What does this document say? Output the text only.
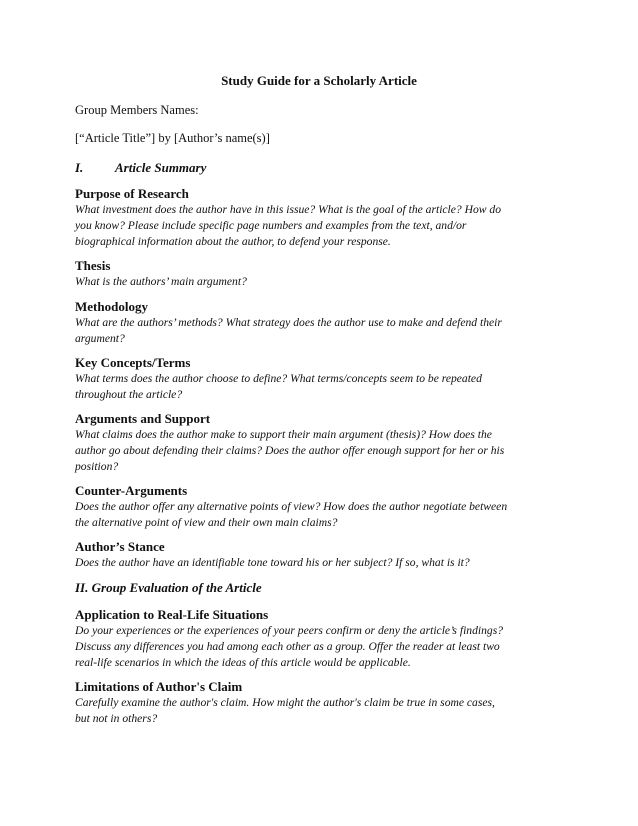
Study Guide for a Scholarly Article
Group Members Names:
[“Article Title”] by [Author’s name(s)]
I. Article Summary
Purpose of Research
What investment does the author have in this issue? What is the goal of the article? How do
you know? Please include specific page numbers and examples from the text, and/or
biographical information about the author, to defend your response.
Thesis
What is the authors’ main argument?
Methodology
What are the authors’ methods? What strategy does the author use to make and defend their
argument?
Key Concepts/Terms
What terms does the author choose to define? What terms/concepts seem to be repeated
throughout the article?
Arguments and Support
What claims does the author make to support their main argument (thesis)? How does the
author go about defending their claims? Does the author offer enough support for her or his
position?
Counter-Arguments
Does the author offer any alternative points of view? How does the author negotiate between
the alternative point of view and their own main claims?
Author’s Stance
Does the author have an identifiable tone toward his or her subject? If so, what is it?
II. Group Evaluation of the Article
Application to Real-Life Situations
Do your experiences or the experiences of your peers confirm or deny the article’s findings?
Discuss any differences you had among each other as a group. Offer the reader at least two
real-life scenarios in which the ideas of this article would be applicable.
Limitations of Author's Claim
Carefully examine the author's claim. How might the author's claim be true in some cases,
but not in others?
